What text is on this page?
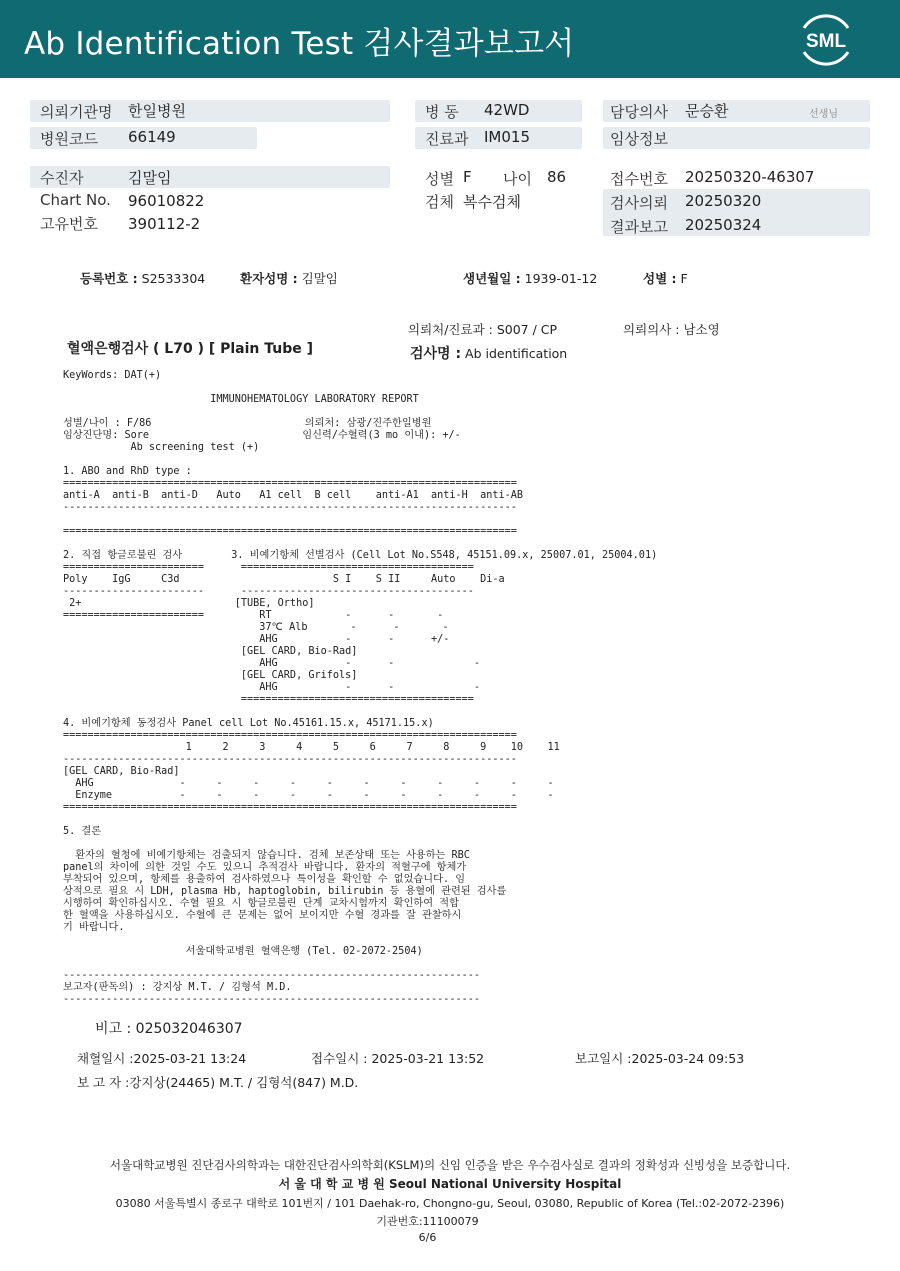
Ab Identification Test 검사결과보고서	SML
의뢰기관명 한일병원
병원코드 66149
병 동 42WD
진료과 IM015
담당의사 문승환	선생님
임상정보
수진자	김말임
Chart No. 96010822
고유번호 390112-2
성별 F 나이 86
검체 복수검체
접수번호 20250320-46307
검사의뢰 20250320
결과보고 20250324
등록번호 : S2533304	환자성명 : 김말임	생년월일 : 1939-01-12	성별 : F
의뢰처/진료과 : S007 / CP	의뢰의사 : 남소영
혈액은행검사 ( L70 ) [ Plain Tube ]	검사명 : Ab identification
KeyWords: DAT(+)

IMMUNOHEMATOLOGY LABORATORY REPORT

성별/나이 : F/86                         의뢰처: 삼광/진주한일병원
임상진단명: Sore                         임신력/수혈력(3 mo 이내): +/-
Ab screening test (+)

1. ABO and RhD type :
==========================================================================
anti-A  anti-B  anti-D   Auto   A1 cell  B cell    anti-A1  anti-H  anti-AB
--------------------------------------------------------------------------

==========================================================================

2. 직접 항글로불린 검사        3. 비예기항체 선별검사 (Cell Lot No.S548, 45151.09.x, 25007.01, 25004.01)
=======================      ======================================
Poly    IgG     C3d                         S I    S II     Auto    Di-a
-----------------------      --------------------------------------
2+                         [TUBE, Ortho]
=======================         RT            -      -       -
37℃ Alb       -      -       -
AHG           -      -      +/-
[GEL CARD, Bio-Rad]
AHG           -      -             -
[GEL CARD, Grifols]
AHG           -      -             -
======================================

4. 비예기항체 동정검사 Panel cell Lot No.45161.15.x, 45171.15.x)
==========================================================================
1     2     3     4     5     6     7     8     9    10    11
--------------------------------------------------------------------------
[GEL CARD, Bio-Rad]
AHG              -     -     -     -     -     -     -     -     -     -     -
Enzyme           -     -     -     -     -     -     -     -     -     -     -
==========================================================================

5. 결론

환자의 혈청에 비예기항체는 검출되지 않습니다. 검체 보존상태 또는 사용하는 RBC
panel의 차이에 의한 것일 수도 있으니 추적검사 바랍니다. 환자의 적혈구에 항체가
부착되어 있으며, 항체를 용출하여 검사하였으나 특이성을 확인할 수 없었습니다. 임
상적으로 필요 시 LDH, plasma Hb, haptoglobin, bilirubin 등 용혈에 관련된 검사를
시행하여 확인하십시오. 수혈 필요 시 항글로불린 단계 교차시험까지 확인하여 적합
한 혈액을 사용하십시오. 수혈에 큰 문제는 없어 보이지만 수혈 경과를 잘 관찰하시
기 바랍니다.

서울대학교병원 혈액은행 (Tel. 02-2072-2504)

--------------------------------------------------------------------
보고자(판독의) : 강지상 M.T. / 김형석 M.D.
--------------------------------------------------------------------
비고 : 025032046307
채혈일시 :2025-03-21 13:24	접수일시 : 2025-03-21 13:52	보고일시 :2025-03-24 09:53
보 고 자 :강지상(24465) M.T. / 김형석(847) M.D.
서울대학교병원 진단검사의학과는 대한진단검사의학회(KSLM)의 신임 인증을 받은 우수검사실로 결과의 정확성과 신빙성을 보증합니다.
서 울 대 학 교 병 원 Seoul National University Hospital
03080 서울특별시 종로구 대학로 101번지 / 101 Daehak-ro, Chongno-gu, Seoul, 03080, Republic of Korea (Tel.:02-2072-2396)
기관번호:11100079
6/6
